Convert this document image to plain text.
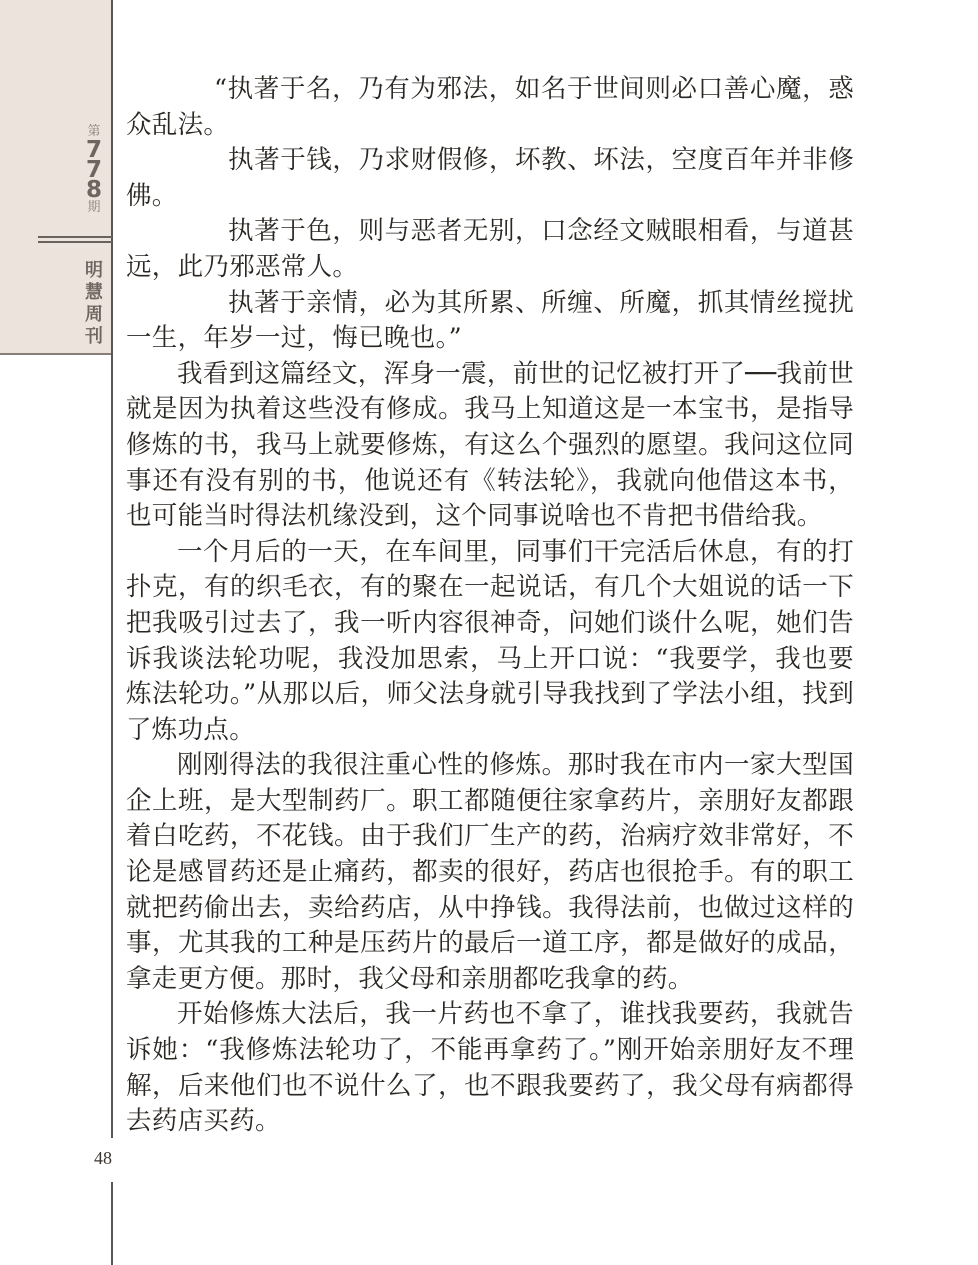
第
7
7
8
期
明
慧
周
刊
48

“执著于名，乃有为邪法，如名于世间则必口善心魔，惑众乱法。

执著于钱，乃求财假修，坏教、坏法，空度百年并非修佛。

执著于色，则与恶者无别，口念经文贼眼相看，与道甚远，此乃邪恶常人。

执著于亲情，必为其所累、所缠、所魔，抓其情丝搅扰一生，年岁一过，悔已晚也。”

我看到这篇经文，浑身一震，前世的记忆被打开了──我前世就是因为执着这些没有修成。我马上知道这是一本宝书，是指导修炼的书，我马上就要修炼，有这么个强烈的愿望。我问这位同事还有没有别的书，他说还有《转法轮》，我就向他借这本书，也可能当时得法机缘没到，这个同事说啥也不肯把书借给我。

一个月后的一天，在车间里，同事们干完活后休息，有的打扑克，有的织毛衣，有的聚在一起说话，有几个大姐说的话一下把我吸引过去了，我一听内容很神奇，问她们谈什么呢，她们告诉我谈法轮功呢，我没加思索，马上开口说：“我要学，我也要炼法轮功。”从那以后，师父法身就引导我找到了学法小组，找到了炼功点。

刚刚得法的我很注重心性的修炼。那时我在市内一家大型国企上班，是大型制药厂。职工都随便往家拿药片，亲朋好友都跟着白吃药，不花钱。由于我们厂生产的药，治病疗效非常好，不论是感冒药还是止痛药，都卖的很好，药店也很抢手。有的职工就把药偷出去，卖给药店，从中挣钱。我得法前，也做过这样的事，尤其我的工种是压药片的最后一道工序，都是做好的成品，拿走更方便。那时，我父母和亲朋都吃我拿的药。

开始修炼大法后，我一片药也不拿了，谁找我要药，我就告诉她：“我修炼法轮功了，不能再拿药了。”刚开始亲朋好友不理解，后来他们也不说什么了，也不跟我要药了，我父母有病都得去药店买药。
